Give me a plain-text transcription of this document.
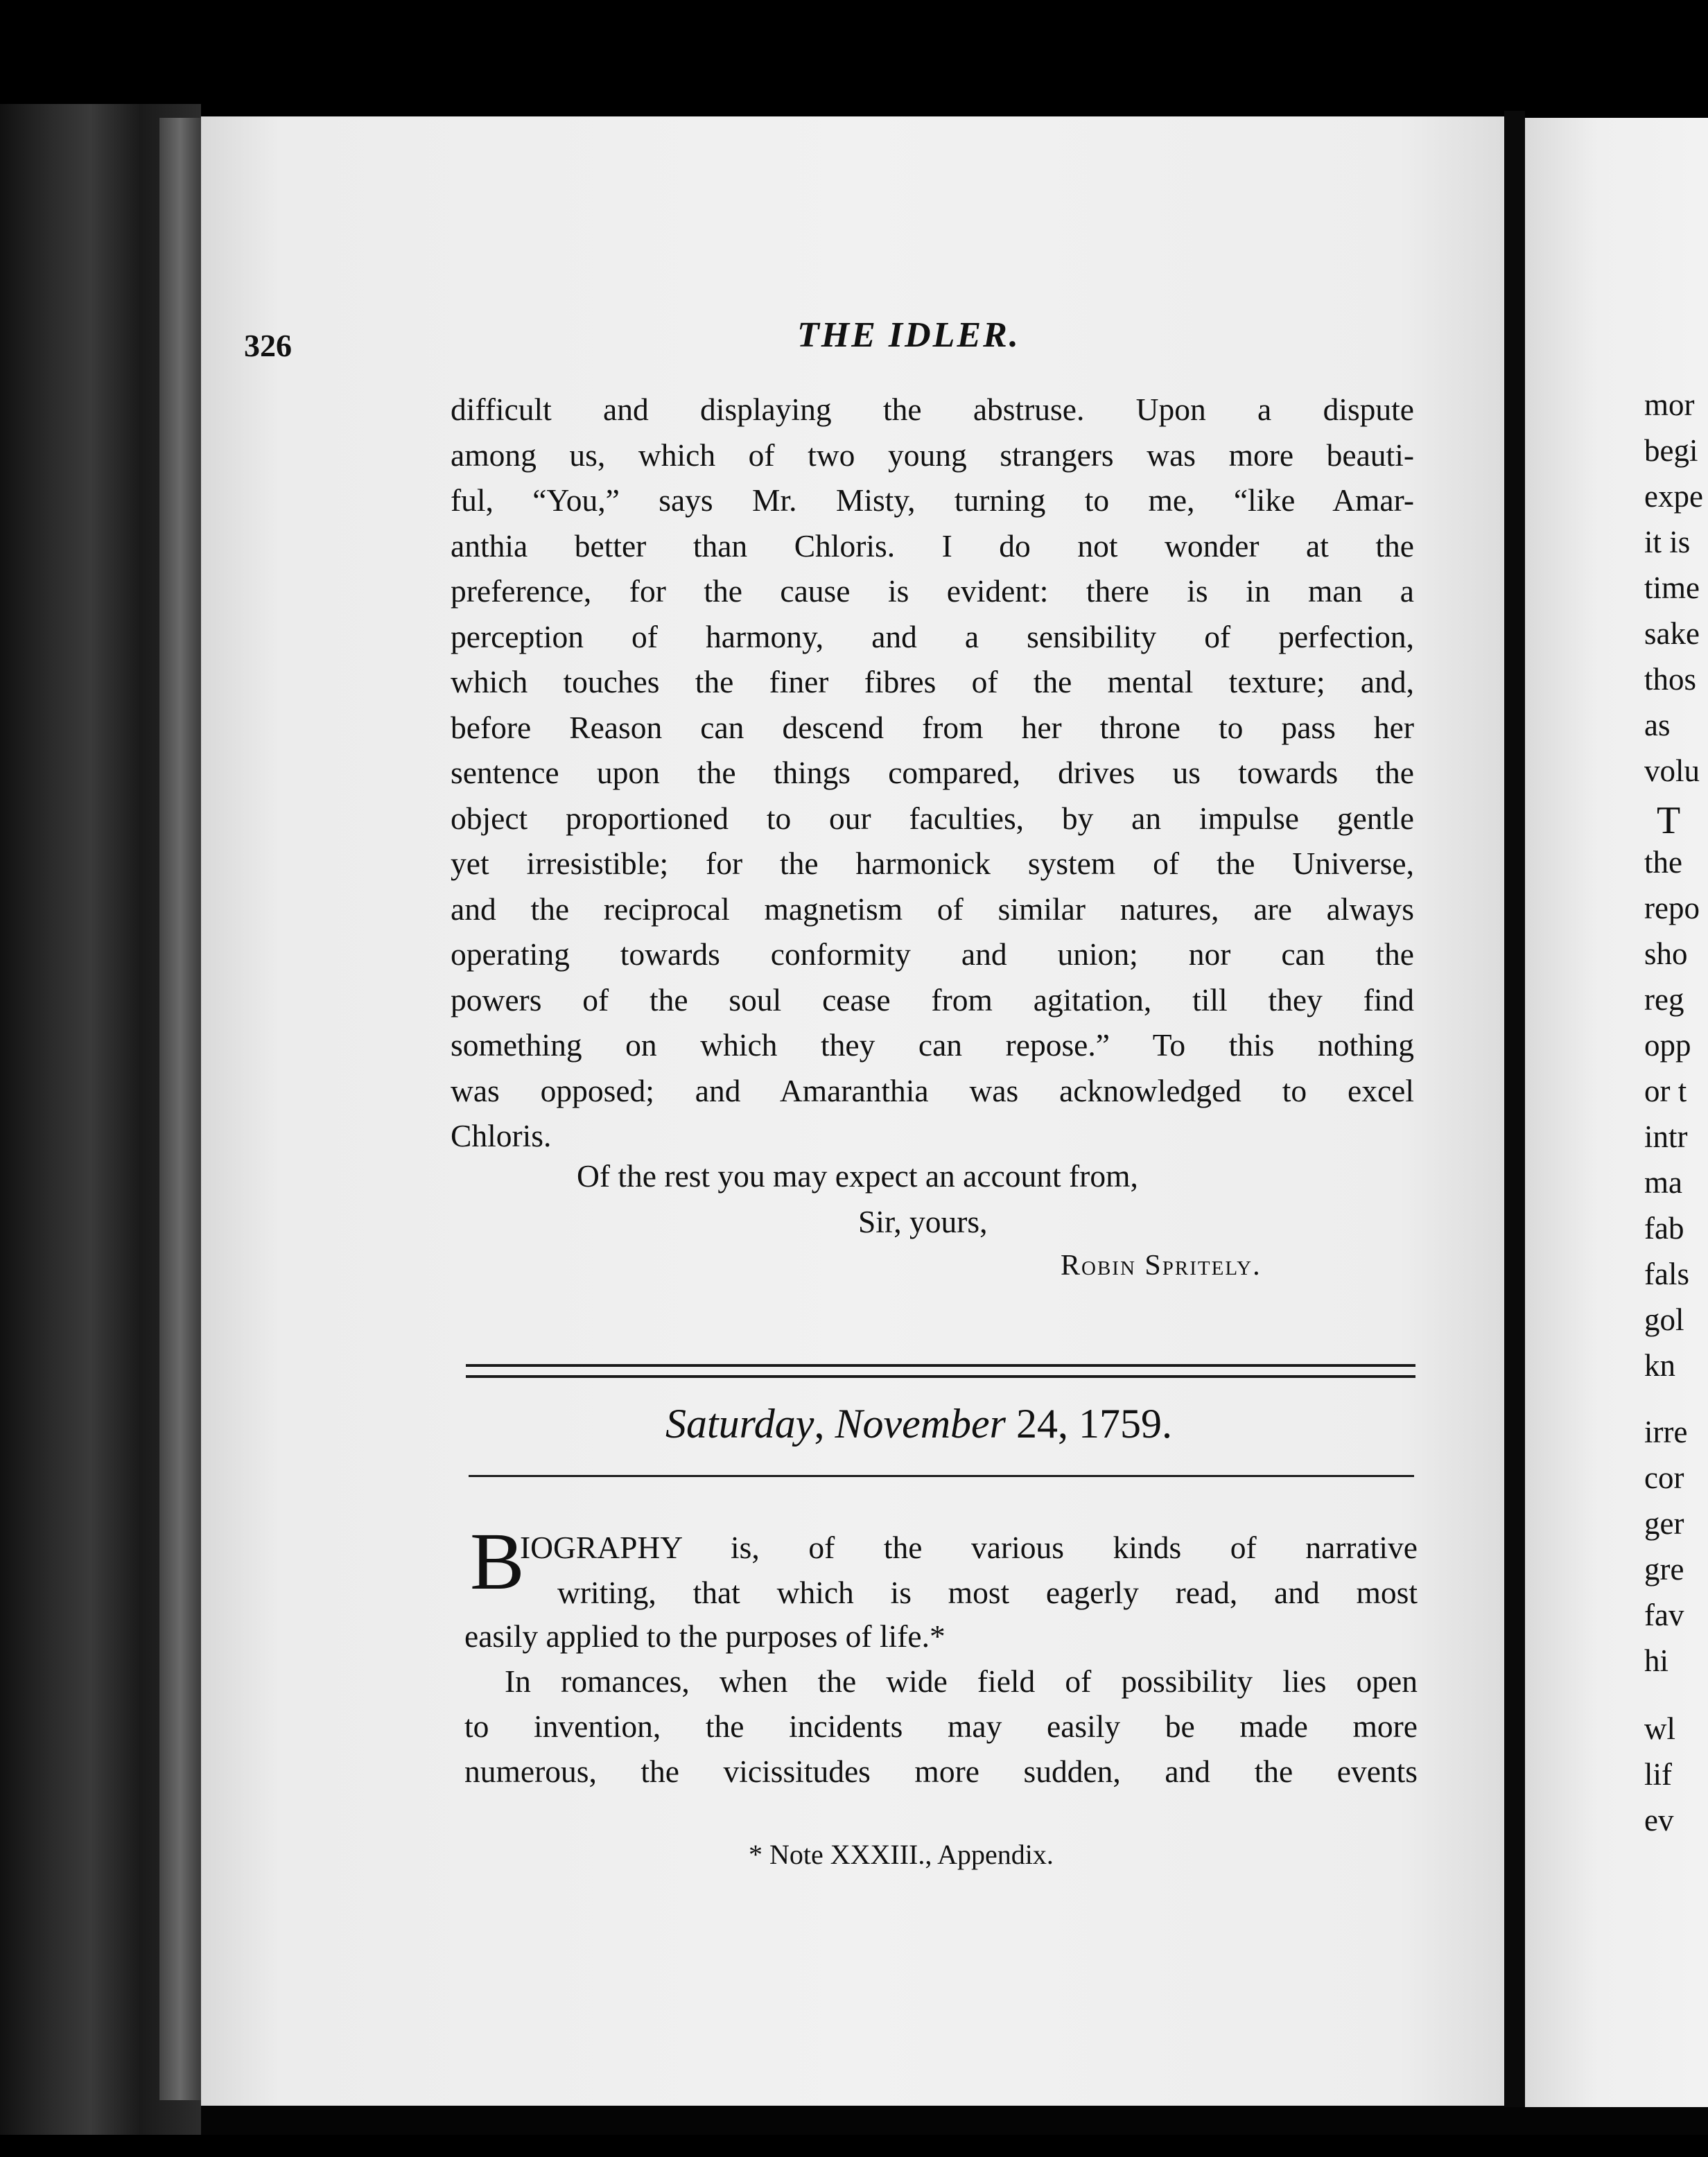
mor
begi
expe
it is
time
sake
thos
as
volu
T
the
repo
sho
reg
opp
or t
intr
ma
fab
fals
gol
kn
irre
cor
ger
gre
fav
hi
wl
lif
ev
326	THE IDLER.
difficult and displaying the abstruse. Upon a dispute
among us, which of two young strangers was more beauti-
ful, “You,” says Mr. Misty, turning to me, “like Amar-
anthia better than Chloris. I do not wonder at the
preference, for the cause is evident: there is in man a
perception of harmony, and a sensibility of perfection,
which touches the finer fibres of the mental texture; and,
before Reason can descend from her throne to pass her
sentence upon the things compared, drives us towards the
object proportioned to our faculties, by an impulse gentle
yet irresistible; for the harmonick system of the Universe,
and the reciprocal magnetism of similar natures, are always
operating towards conformity and union; nor can the
powers of the soul cease from agitation, till they find
something on which they can repose.” To this nothing
was opposed; and Amaranthia was acknowledged to excel
Chloris.
Of the rest you may expect an account from,
Sir, yours,
Robin Spritely.
Saturday, November 24, 1759.
B
IOGRAPHY is, of the various kinds of narrative
writing, that which is most eagerly read, and most
easily applied to the purposes of life.*
In romances, when the wide field of possibility lies open
to invention, the incidents may easily be made more
numerous, the vicissitudes more sudden, and the events
* Note XXXIII., Appendix.
